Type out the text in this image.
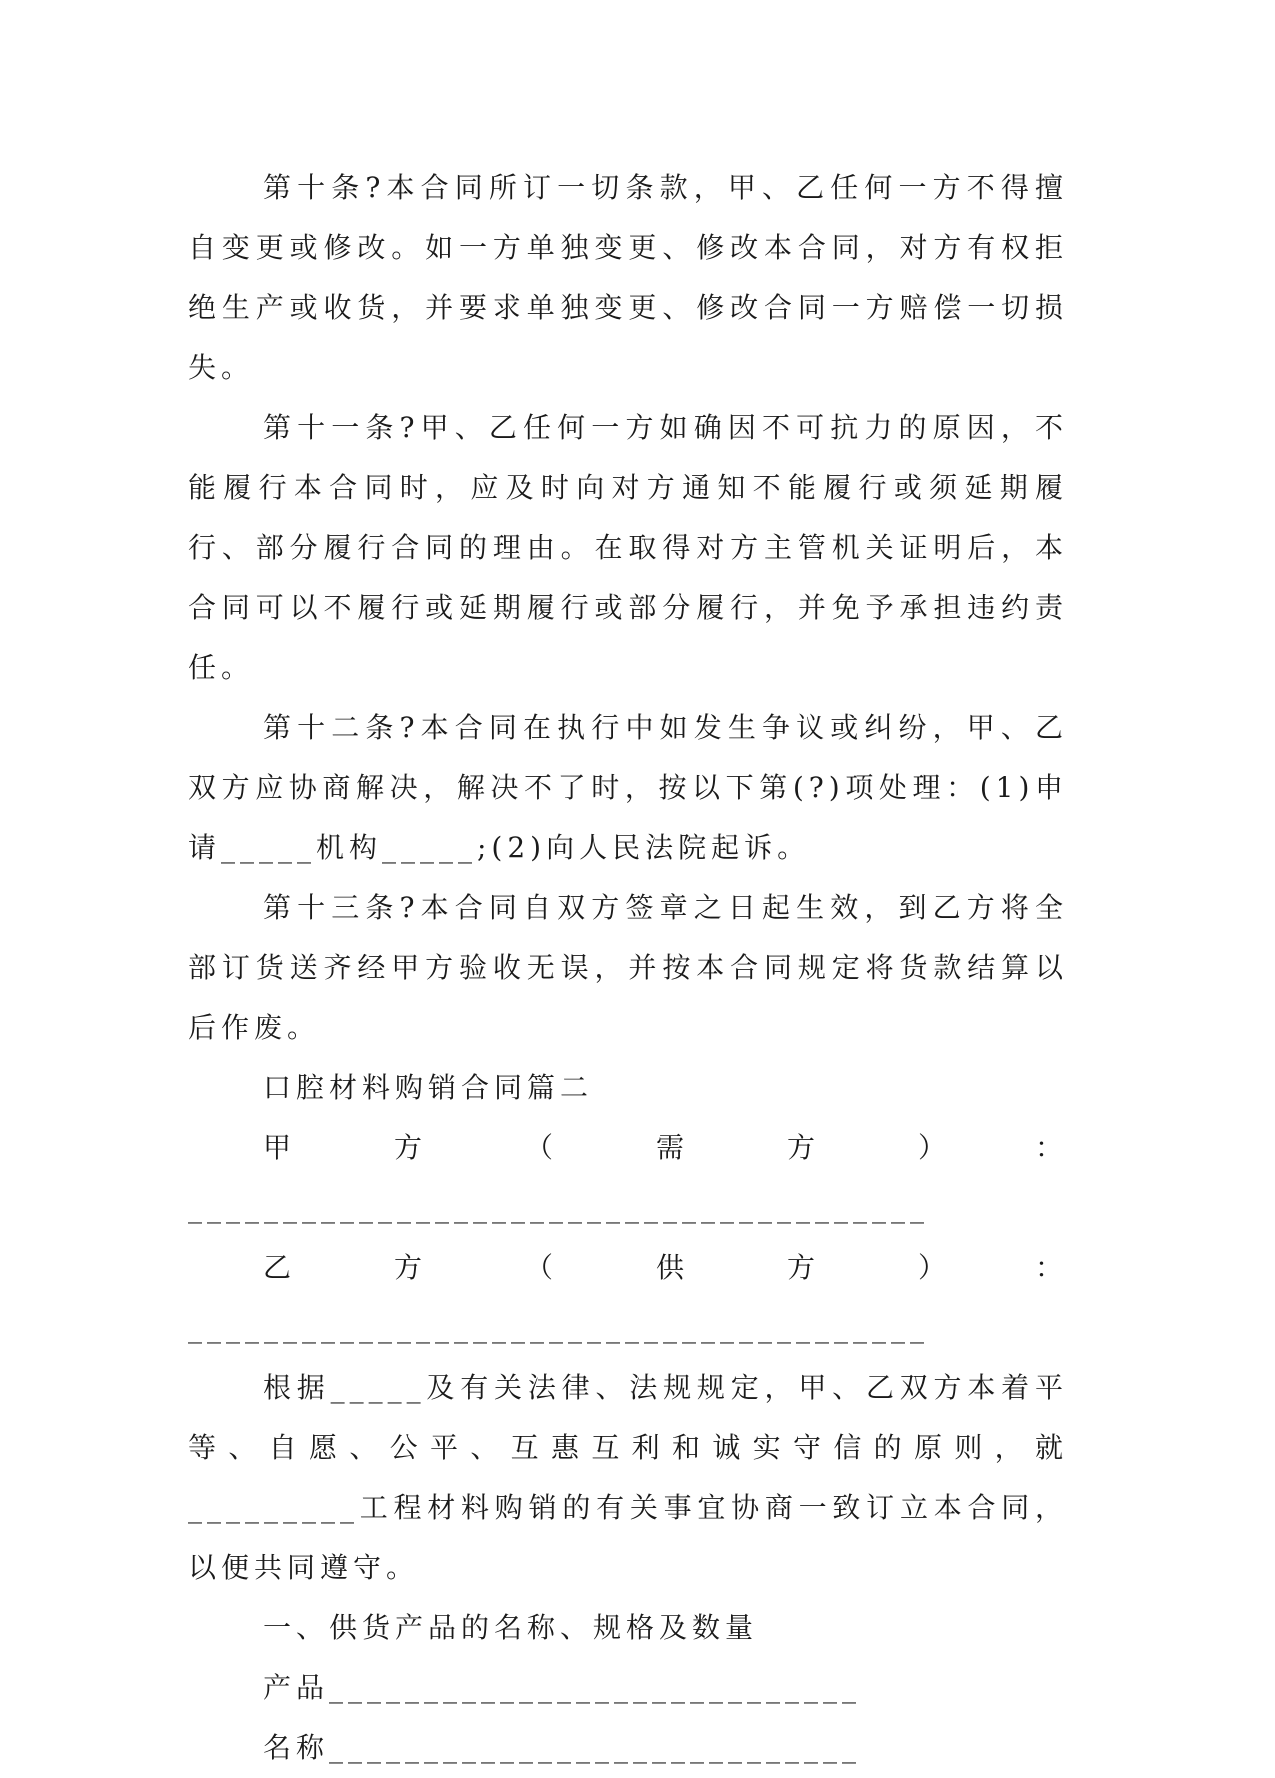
第十条?本合同所订一切条款，甲、乙任何一方不得擅自变更或修改。如一方单独变更、修改本合同，对方有权拒绝生产或收货，并要求单独变更、修改合同一方赔偿一切损失。

第十一条?甲、乙任何一方如确因不可抗力的原因，不能履行本合同时，应及时向对方通知不能履行或须延期履行、部分履行合同的理由。在取得对方主管机关证明后，本合同可以不履行或延期履行或部分履行，并免予承担违约责任。

第十二条?本合同在执行中如发生争议或纠纷，甲、乙双方应协商解决，解决不了时，按以下第(?)项处理：(1)申请_____机构_____;(2)向人民法院起诉。

第十三条?本合同自双方签章之日起生效，到乙方将全部订货送齐经甲方验收无误，并按本合同规定将货款结算以后作废。

口腔材料购销合同篇二

甲方（需方）：_______________________________________

乙方（供方）：_______________________________________

根据_____及有关法律、法规规定，甲、乙双方本着平等、自愿、公平、互惠互利和诚实守信的原则，就_________工程材料购销的有关事宜协商一致订立本合同，以便共同遵守。

一、供货产品的名称、规格及数量

产品____________________________

名称____________________________
